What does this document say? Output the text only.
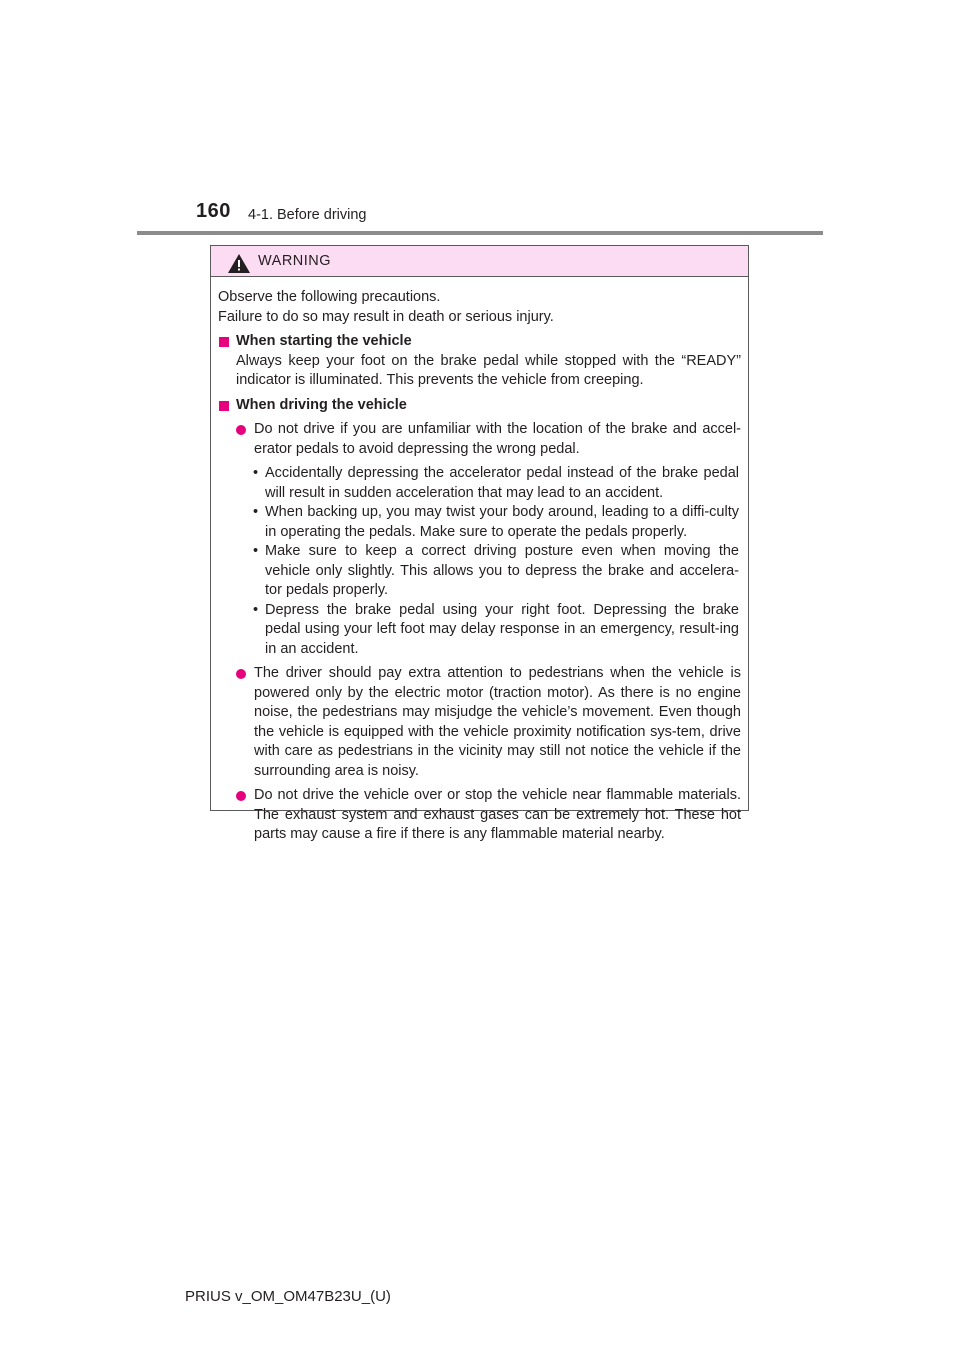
160 4-1. Before driving
WARNING

Observe the following precautions.

Failure to do so may result in death or serious injury.

When starting the vehicle

Always keep your foot on the brake pedal while stopped with the “READY” indicator is illuminated. This prevents the vehicle from creeping.

When driving the vehicle

Do not drive if you are unfamiliar with the location of the brake and accel-erator pedals to avoid depressing the wrong pedal.

• Accidentally depressing the accelerator pedal instead of the brake pedal will result in sudden acceleration that may lead to an accident.
• When backing up, you may twist your body around, leading to a diffi-culty in operating the pedals. Make sure to operate the pedals properly.
• Make sure to keep a correct driving posture even when moving the vehicle only slightly. This allows you to depress the brake and accelera-tor pedals properly.
• Depress the brake pedal using your right foot. Depressing the brake pedal using your left foot may delay response in an emergency, result-ing in an accident.

The driver should pay extra attention to pedestrians when the vehicle is powered only by the electric motor (traction motor). As there is no engine noise, the pedestrians may misjudge the vehicle’s movement. Even though the vehicle is equipped with the vehicle proximity notification sys-tem, drive with care as pedestrians in the vicinity may still not notice the vehicle if the surrounding area is noisy.

Do not drive the vehicle over or stop the vehicle near flammable materials. The exhaust system and exhaust gases can be extremely hot. These hot parts may cause a fire if there is any flammable material nearby.

PRIUS v_OM_OM47B23U_(U)
